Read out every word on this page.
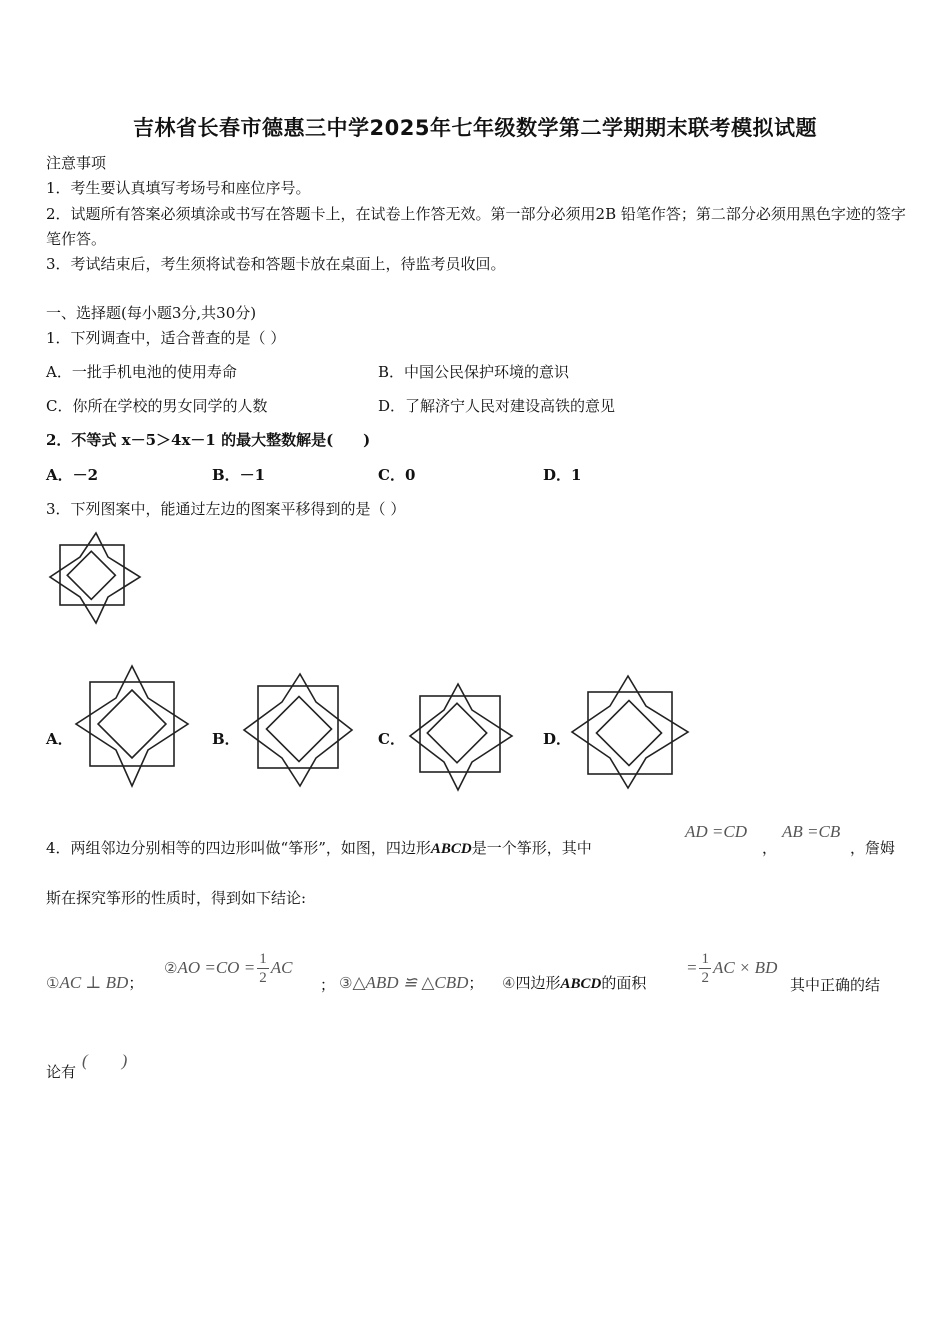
吉林省长春市德惠三中学2025年七年级数学第二学期期末联考模拟试题
注意事项
1．考生要认真填写考场号和座位序号。
2．试题所有答案必须填涂或书写在答题卡上，在试卷上作答无效。第一部分必须用2B 铅笔作答；第二部分必须用黑色字迹的签字笔作答。
3．考试结束后，考生须将试卷和答题卡放在桌面上，待监考员收回。
一、选择题(每小题3分,共30分)
1．下列调查中，适合普查的是（ ）
A．一批手机电池的使用寿命	B．中国公民保护环境的意识
C．你所在学校的男女同学的人数	D．了解济宁人民对建设高铁的意见
2．不等式 x－5＞4x－1 的最大整数解是(　　)
A．－2	B．－1	C．0	D．1
3．下列图案中，能通过左边的图案平移得到的是（ ）
A．	B．	C．	D．
4．两组邻边分别相等的四边形叫做“筝形”，如图，四边形ABCD是一个筝形，其中
AD =CD
，
AB =CB
，詹姆
斯在探究筝形的性质时，得到如下结论:
①AC ⊥ BD；
②AO $=CO = \frac{1}{2}$ AC
； ③△ABD ≌ △CBD； ④四边形ABCD的面积
= $\frac{1}{2}$ AC × BD
其中正确的结
论有
(　　)
